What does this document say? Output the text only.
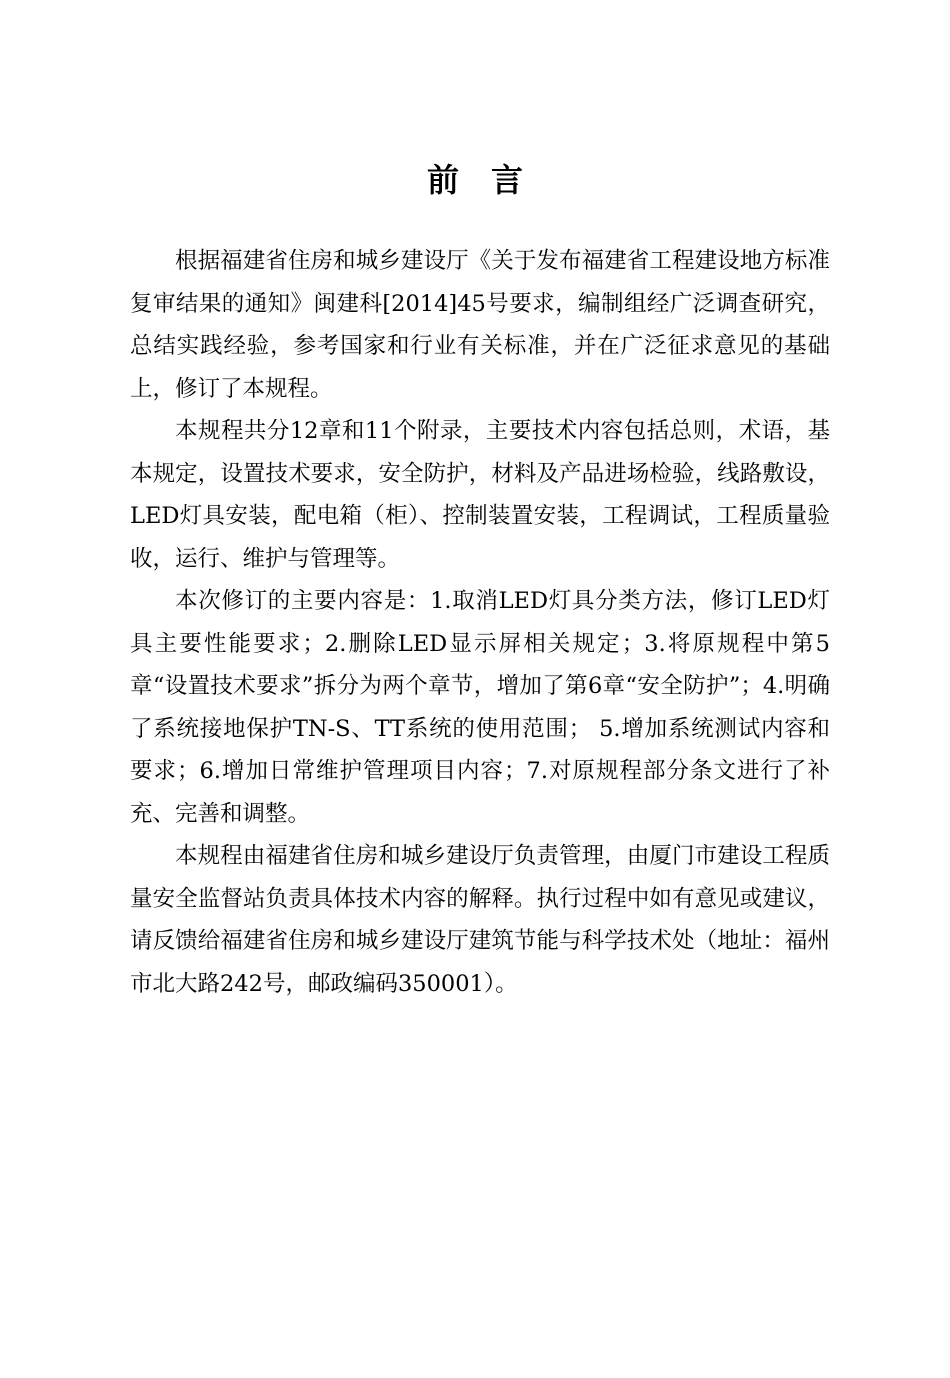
前言

根据福建省住房和城乡建设厅《关于发布福建省工程建设地方标准复审结果的通知》闽建科[2014]45号要求，编制组经广泛调查研究，总结实践经验，参考国家和行业有关标准，并在广泛征求意见的基础上，修订了本规程。

本规程共分12章和11个附录，主要技术内容包括总则，术语，基本规定，设置技术要求，安全防护，材料及产品进场检验，线路敷设，LED灯具安装，配电箱（柜）、控制装置安装，工程调试，工程质量验收，运行、维护与管理等。

本次修订的主要内容是：1.取消LED灯具分类方法，修订LED灯具主要性能要求；2.删除LED显示屏相关规定；3.将原规程中第5章“设置技术要求”拆分为两个章节，增加了第6章“安全防护”；4.明确了系统接地保护TN-S、TT系统的使用范围； 5.增加系统测试内容和要求；6.增加日常维护管理项目内容；7.对原规程部分条文进行了补充、完善和调整。

本规程由福建省住房和城乡建设厅负责管理，由厦门市建设工程质量安全监督站负责具体技术内容的解释。执行过程中如有意见或建议，请反馈给福建省住房和城乡建设厅建筑节能与科学技术处（地址：福州市北大路242号，邮政编码350001）。
